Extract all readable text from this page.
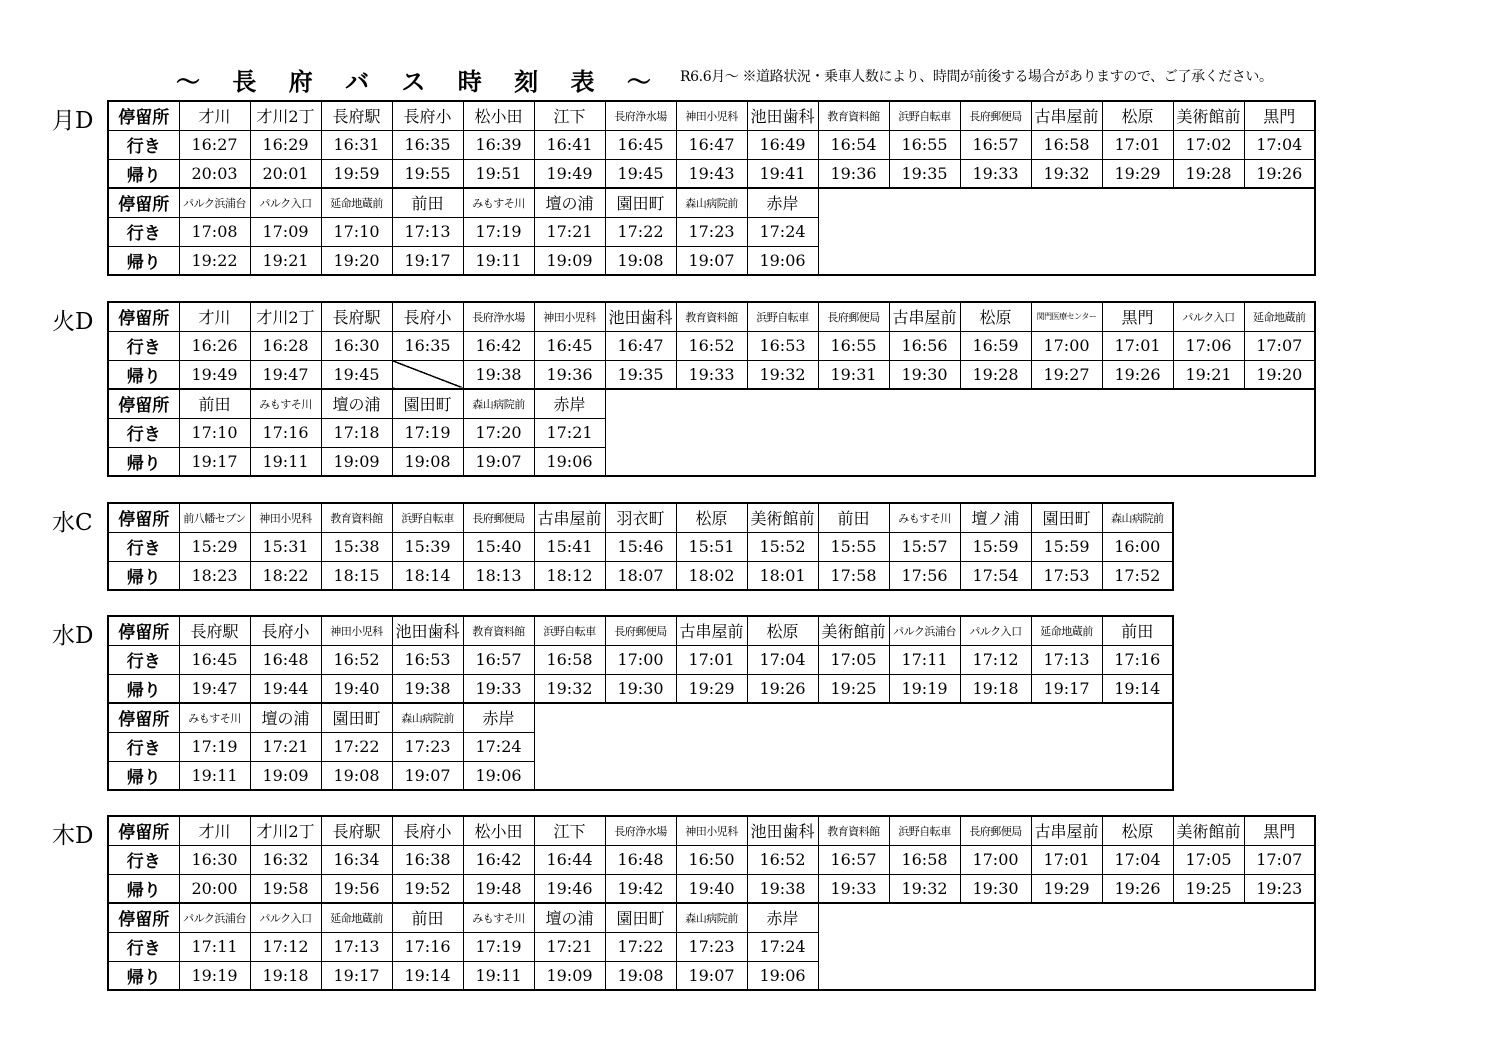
〜 長 府 バ ス 時 刻 表 〜 R6.6月〜 ※道路状況・乗車人数により、時間が前後する場合がありますので、ご了承ください。
月D 停留所	才川	才川2丁	長府駅	長府小	松小田	江下	長府浄水場	神田小児科	池田歯科	教育資料館	浜野自転車	長府郵便局	古串屋前	松原	美術館前	黒門
行き	16:27	16:29	16:31	16:35	16:39	16:41	16:45	16:47	16:49	16:54	16:55	16:57	16:58	17:01	17:02	17:04
帰り	20:03	20:01	19:59	19:55	19:51	19:49	19:45	19:43	19:41	19:36	19:35	19:33	19:32	19:29	19:28	19:26
停留所	パルク浜浦台	パルク入口	延命地蔵前	前田	みもすそ川	壇の浦	園田町	森山病院前	赤岸							
行き	17:08	17:09	17:10	17:13	17:19	17:21	17:22	17:23	17:24							
帰り	19:22	19:21	19:20	19:17	19:11	19:09	19:08	19:07	19:06							
火D 停留所	才川	才川2丁	長府駅	長府小	長府浄水場	神田小児科	池田歯科	教育資料館	浜野自転車	長府郵便局	古串屋前	松原	関門医療センター	黒門	パルク入口	延命地蔵前
行き	16:26	16:28	16:30	16:35	16:42	16:45	16:47	16:52	16:53	16:55	16:56	16:59	17:00	17:01	17:06	17:07
帰り	19:49	19:47	19:45		19:38	19:36	19:35	19:33	19:32	19:31	19:30	19:28	19:27	19:26	19:21	19:20
停留所	前田	みもすそ川	壇の浦	園田町	森山病院前	赤岸										
行き	17:10	17:16	17:18	17:19	17:20	17:21										
帰り	19:17	19:11	19:09	19:08	19:07	19:06										
水C 停留所	前八幡セブン	神田小児科	教育資料館	浜野自転車	長府郵便局	古串屋前	羽衣町	松原	美術館前	前田	みもすそ川	壇ノ浦	園田町	森山病院前
行き	15:29	15:31	15:38	15:39	15:40	15:41	15:46	15:51	15:52	15:55	15:57	15:59	15:59	16:00
帰り	18:23	18:22	18:15	18:14	18:13	18:12	18:07	18:02	18:01	17:58	17:56	17:54	17:53	17:52
水D 停留所	長府駅	長府小	神田小児科	池田歯科	教育資料館	浜野自転車	長府郵便局	古串屋前	松原	美術館前	パルク浜浦台	パルク入口	延命地蔵前	前田
行き	16:45	16:48	16:52	16:53	16:57	16:58	17:00	17:01	17:04	17:05	17:11	17:12	17:13	17:16
帰り	19:47	19:44	19:40	19:38	19:33	19:32	19:30	19:29	19:26	19:25	19:19	19:18	19:17	19:14
停留所	みもすそ川	壇の浦	園田町	森山病院前	赤岸									
行き	17:19	17:21	17:22	17:23	17:24									
帰り	19:11	19:09	19:08	19:07	19:06									
木D 停留所	才川	才川2丁	長府駅	長府小	松小田	江下	長府浄水場	神田小児科	池田歯科	教育資料館	浜野自転車	長府郵便局	古串屋前	松原	美術館前	黒門
行き	16:30	16:32	16:34	16:38	16:42	16:44	16:48	16:50	16:52	16:57	16:58	17:00	17:01	17:04	17:05	17:07
帰り	20:00	19:58	19:56	19:52	19:48	19:46	19:42	19:40	19:38	19:33	19:32	19:30	19:29	19:26	19:25	19:23
停留所	パルク浜浦台	パルク入口	延命地蔵前	前田	みもすそ川	壇の浦	園田町	森山病院前	赤岸							
行き	17:11	17:12	17:13	17:16	17:19	17:21	17:22	17:23	17:24							
帰り	19:19	19:18	19:17	19:14	19:11	19:09	19:08	19:07	19:06							
